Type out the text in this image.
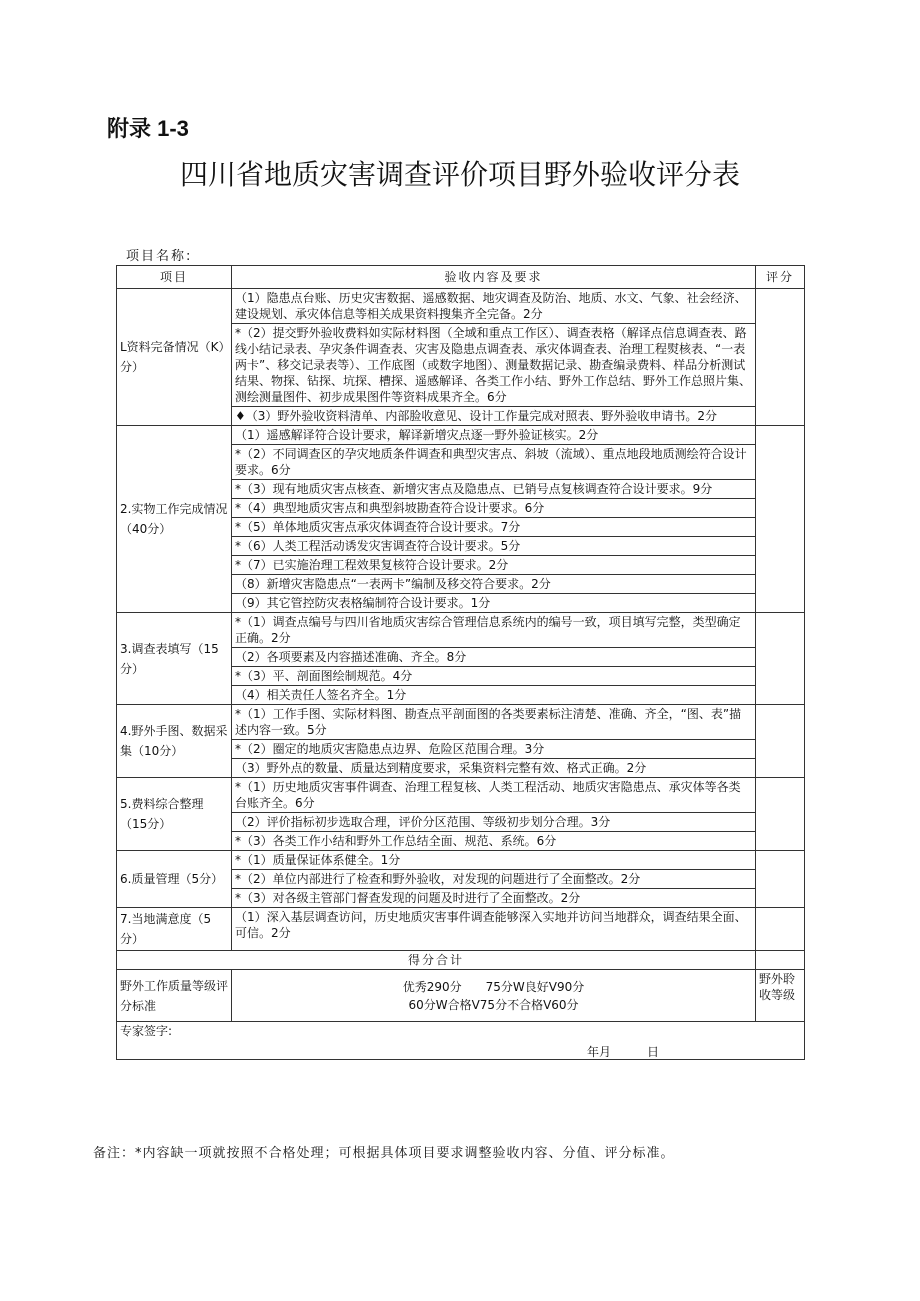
附录 1-3
四川省地质灾害调查评价项目野外验收评分表
项目名称:
项目	验收内容及要求	评分
L资料完备情况（K）分）	（1）隐患点台账、历史灾害数据、遥感数据、地灾调查及防治、地质、水文、气象、社会经济、建设规划、承灾体信息等相关成果资料搜集齐全完备。2分	
	*（2）提交野外验收费料如实际材料图（全域和重点工作区）、调查表格（解译点信息调查表、路线小结记录表、孕灾条件调查表、灾害及隐患点调查表、承灾体调查表、治理工程熨核表、“一表两卡”、移交记录表等）、工作底图（或数字地图）、测量数据记录、勘查编录费料、样品分析测试结果、物探、钻探、坑探、槽探、遥感解译、各类工作小结、野外工作总结、野外工作总照片集、测绘测量图件、初步成果图件等资料成果齐全。6分	
	♦（3）野外验收资料清单、内部脸收意见、设计工作量完成对照表、野外验收申请书。2分	
2.实物工作完成情况（40分）	（1）遥感解译符合设计要求，解译新增灾点逐一野外验证核实。2分	
	*（2）不同调查区的孕灾地质条件调查和典型灾害点、斜坡（流域）、重点地段地质测绘符合设计要求。6分	
	*（3）现有地质灾害点核查、新增灾害点及隐患点、已销号点复核调查符合设计要求。9分	
	*（4）典型地质灾害点和典型斜坡勘查符合设计要求。6分	
	*（5）单体地质灾害点承灾体调查符合设计要求。7分	
	*（6）人类工程活动诱发灾害调查符合设计要求。5分	
	*（7）已实施治理工程效果复核符合设计要求。2分	
	（8）新增灾害隐患点“一表两卡”编制及移交符合要求。2分	
	（9）其它管控防灾表格编制符合设计要求。1分	
3.调查表填写（15分）	*（1）调查点编号与四川省地质灾害综合管理信息系统内的编号一致，项目填写完整，类型确定正确。2分	
	（2）各项要素及内容描述准确、齐全。8分	
	*（3）平、剖面图绘制规范。4分	
	（4）相关责任人签名齐全。1分	
4.野外手图、数据采集（10分）	*（1）工作手图、实际材料图、勘查点平剖面图的各类要素标注清楚、准确、齐全，“图、表”描述内容一致。5分	
	*（2）圈定的地质灾害隐患点边界、危险区范围合理。3分	
	（3）野外点的数量、质量达到精度要求，采集资料完整有效、格式正确。2分	
5.费料综合整理（15分）	*（1）历史地质灾害事件调查、治理工程复核、人类工程活动、地质灾害隐患点、承灾体等各类台账齐全。6分	
	（2）评价指标初步选取合理，评价分区范围、等级初步划分合理。3分	
	*（3）各类工作小结和野外工作总结全面、规范、系统。6分	
6.质量管理（5分）	*（1）质量保证体系健全。1分	
	*（2）单位内部进行了检查和野外验收，对发现的问题进行了全面整改。2分	
	*（3）对各级主管部门督查发现的问题及时进行了全面整改。2分	
7.当地满意度（5分）	（1）深入基层调查访问，历史地质灾害事件调查能够深入实地并访问当地群众，调查结果全面、可信。2分	
得分合计		
野外工作质量等级评分标准	优秀290分　　75分W良好V90分
60分W合格V75分不合格V60分	野外聆收等级
专家签字:
年月　　　日		
备注：*内容缺一项就按照不合格处理；可根据具体项目要求调整验收内容、分值、评分标准。
